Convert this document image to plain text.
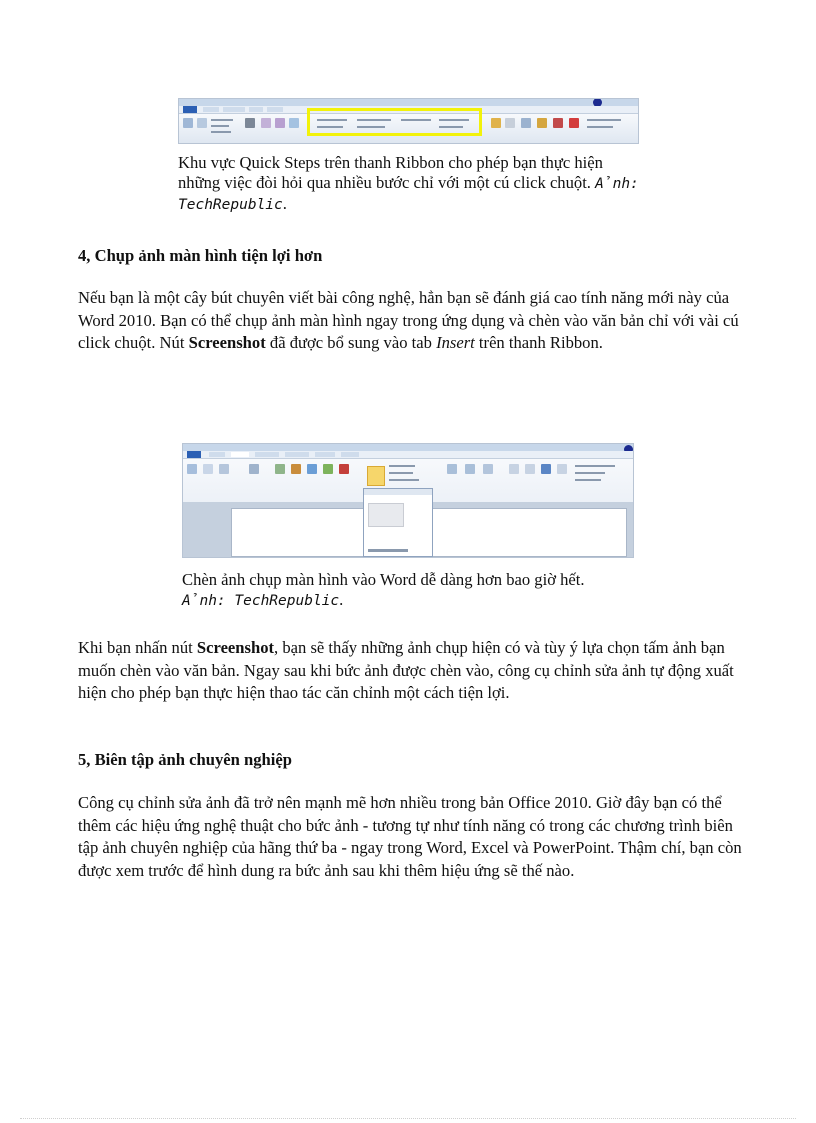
Khu vực Quick Steps trên thanh Ribbon cho phép bạn thực hiện những việc đòi hỏi qua nhiều bước chỉ với một cú click chuột. Ảnh: TechRepublic.
4, Chụp ảnh màn hình tiện lợi hơn
Nếu bạn là một cây bút chuyên viết bài công nghệ, hẳn bạn sẽ đánh giá cao tính năng mới này của Word 2010. Bạn có thể chụp ảnh màn hình ngay trong ứng dụng và chèn vào văn bản chỉ với vài cú click chuột. Nút Screenshot đã được bổ sung vào tab Insert trên thanh Ribbon.
Chèn ảnh chụp màn hình vào Word dễ dàng hơn bao giờ hết. Ảnh: TechRepublic.
Khi bạn nhấn nút Screenshot, bạn sẽ thấy những ảnh chụp hiện có và tùy ý lựa chọn tấm ảnh bạn muốn chèn vào văn bản. Ngay sau khi bức ảnh được chèn vào, công cụ chỉnh sửa ảnh tự động xuất hiện cho phép bạn thực hiện thao tác căn chỉnh một cách tiện lợi.
5, Biên tập ảnh chuyên nghiệp
Công cụ chỉnh sửa ảnh đã trở nên mạnh mẽ hơn nhiều trong bản Office 2010. Giờ đây bạn có thể thêm các hiệu ứng nghệ thuật cho bức ảnh - tương tự như tính năng có trong các chương trình biên tập ảnh chuyên nghiệp của hãng thứ ba - ngay trong Word, Excel và PowerPoint. Thậm chí, bạn còn được xem trước để hình dung ra bức ảnh sau khi thêm hiệu ứng sẽ thế nào.
